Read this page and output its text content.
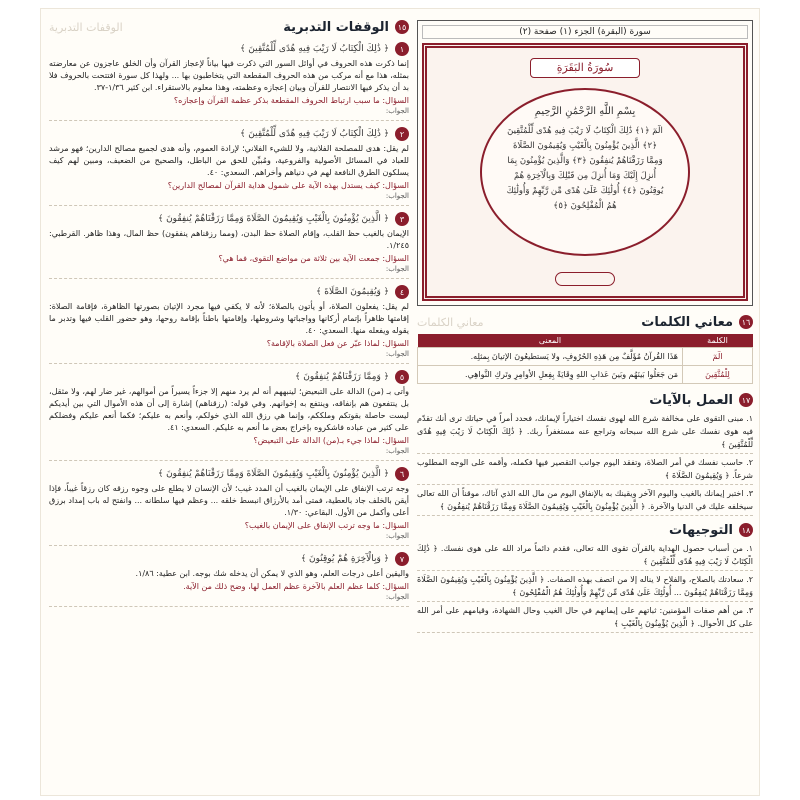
سورة (البقرة) الجزء (١) صفحة (٢)
سُورَةُ البَقَرَةِ
بِسْمِ اللَّهِ الرَّحْمَٰنِ الرَّحِيمِ
الٓمٓ ﴿١﴾ ذَٰلِكَ الْكِتَابُ لَا رَيْبَ فِيهِ هُدًى لِّلْمُتَّقِينَ ﴿٢﴾ الَّذِينَ يُؤْمِنُونَ بِالْغَيْبِ وَيُقِيمُونَ الصَّلَاةَ وَمِمَّا رَزَقْنَاهُمْ يُنفِقُونَ ﴿٣﴾ وَالَّذِينَ يُؤْمِنُونَ بِمَا أُنزِلَ إِلَيْكَ وَمَا أُنزِلَ مِن قَبْلِكَ وَبِالْآخِرَةِ هُمْ يُوقِنُونَ ﴿٤﴾ أُولَٰئِكَ عَلَىٰ هُدًى مِّن رَّبِّهِمْ وَأُولَٰئِكَ هُمُ الْمُفْلِحُونَ ﴿٥﴾
١٦
معاني الكلمات
معاني الكلمات
الكلمة	المعنى
الٓمٓ	هَذَا القُرآنُ مُؤَلَّفٌ مِن هَذِهِ الحُرُوفِ، ولا يَستطيعُونَ الإتيانَ بِمثلِه.
لِلْمُتَّقِينَ	مَن جَعَلُوا بَينَهُم وبَينَ عَذابِ اللهِ وِقَايَةً بِفِعلِ الأوامِرِ وتَركِ النَّواهِي.
١٧
العمل بالآيات

١. مبنى التقوى على مخالفة شرع الله لهوى نفسك اختياراً لإيمانك، فحدد أمراً في حياتك ترى أنك تقدّم فيه هوى نفسك على شرع الله سبحانه وتراجع عنه مستغفراً ربك. ﴿ ذَٰلِكَ الْكِتَابُ لَا رَيْبَ فِيهِ هُدًى لِّلْمُتَّقِينَ ﴾

٢. حاسب نفسك في أمر الصلاة، وتفقد اليوم جوانب التقصير فيها فكمله، وأقمه على الوجه المطلوب شرعاً. ﴿ وَيُقِيمُونَ الصَّلَاةَ ﴾

٣. اختبر إيمانك بالغيب واليوم الآخر ويقينك به بالإنفاق اليوم من مال الله الذي آتاك، موقناً أن الله تعالى سيخلفه عليك في الدنيا والآخرة. ﴿ الَّذِينَ يُؤْمِنُونَ بِالْغَيْبِ وَيُقِيمُونَ الصَّلَاةَ وَمِمَّا رَزَقْنَاهُمْ يُنفِقُونَ ﴾

١٨
التوجيهات

١. من أسباب حصول الهداية بالقرآن تقوى الله تعالى، فقدم دائماً مراد الله على هوى نفسك. ﴿ ذَٰلِكَ الْكِتَابُ لَا رَيْبَ فِيهِ هُدًى لِّلْمُتَّقِينَ ﴾

٢. سعادتك بالصلاح، والفلاح لا يناله إلا من اتصف بهذه الصفات. ﴿ الَّذِينَ يُؤْمِنُونَ بِالْغَيْبِ وَيُقِيمُونَ الصَّلَاةَ وَمِمَّا رَزَقْنَاهُمْ يُنفِقُونَ ... أُولَٰئِكَ عَلَىٰ هُدًى مِّن رَّبِّهِمْ وَأُولَٰئِكَ هُمُ الْمُفْلِحُونَ ﴾

٣. من أهم صفات المؤمنين: ثباتهم على إيمانهم في حال الغيب وحال الشهادة، وقيامهم على أمر الله على كل الأحوال. ﴿ الَّذِينَ يُؤْمِنُونَ بِالْغَيْبِ ﴾

١٥
الوقفات التدبرية
الوقفات التدبرية
١
﴿ ذَٰلِكَ الْكِتَابُ لَا رَيْبَ فِيهِ هُدًى لِّلْمُتَّقِينَ ﴾
إنما ذكرت هذه الحروف في أوائل السور التي ذكرت فيها بياناً لإعجاز القرآن وأن الخلق عاجزون عن معارضته بمثله، هذا مع أنه مركب من هذه الحروف المقطعة التي يتخاطبون بها ... ولهذا كل سورة افتتحت بالحروف فلا بد أن يذكر فيها الانتصار للقرآن وبيان إعجازه وعظمته، وهذا معلوم بالاستقراء. ابن كثير ١/٣٦-٣٧.
السؤال: ما سبب ارتباط الحروف المقطعة بذكر عظمة القرآن وإعجازه؟
الجواب:
٢
﴿ ذَٰلِكَ الْكِتَابُ لَا رَيْبَ فِيهِ هُدًى لِّلْمُتَّقِينَ ﴾
لم يقل: هدى للمصلحة الفلانية، ولا للشيء الفلاني؛ لإرادة العموم، وأنه هدى لجميع مصالح الدارين؛ فهو مرشد للعباد في المسائل الأصولية والفروعية، ومُبيِّن للحق من الباطل، والصحيح من الضعيف، ومبين لهم كيف يسلكون الطرق النافعة لهم في دنياهم وأخراهم. السعدي: ٤٠.
السؤال: كيف يستدل بهذه الآية على شمول هداية القرآن لمصالح الدارين؟
الجواب:
٣
﴿ الَّذِينَ يُؤْمِنُونَ بِالْغَيْبِ وَيُقِيمُونَ الصَّلَاةَ وَمِمَّا رَزَقْنَاهُمْ يُنفِقُونَ ﴾
الإيمان بالغيب حظ القلب، وإقام الصلاة حظ البدن، (ومما رزقناهم ينفقون) حظ المال، وهذا ظاهر. القرطبي: ١/٢٤٥.
السؤال: جمعت الآية بين ثلاثة من مواضع التقوى، فما هي؟
الجواب:
٤
﴿ وَيُقِيمُونَ الصَّلَاةَ ﴾
لم يقل: يفعلون الصلاة، أو يأتون بالصلاة؛ لأنه لا يكفي فيها مجرد الإتيان بصورتها الظاهرة، فإقامة الصلاة: إقامتها ظاهراً بإتمام أركانها وواجباتها وشروطها، وإقامتها باطناً بإقامة روحها، وهو حضور القلب فيها وتدبر ما يقوله ويفعله منها. السعدي: ٤٠.
السؤال: لماذا عبّر عن فعل الصلاة بالإقامة؟
الجواب:
٥
﴿ وَمِمَّا رَزَقْنَاهُمْ يُنفِقُونَ ﴾
وأتى بـ (من) الدالة على التبعيض؛ لينبههم أنه لم يرد منهم إلا جزءاً يسيراً من أموالهم، غير ضار لهم، ولا مثقل، بل ينتفعون هم بإنفاقه، وينتفع به إخوانهم. وفي قوله: (رزقناهم) إشارة إلى أن هذه الأموال التي بين أيديكم ليست حاصلة بقوتكم وملككم، وإنما هي رزق الله الذي خولكم، وأنعم به عليكم؛ فكما أنعم عليكم وفضلكم على كثير من عباده فاشكروه بإخراج بعض ما أنعم به عليكم. السعدي: ٤١.
السؤال: لماذا جيء بـ(من) الدالة على التبعيض؟
الجواب:
٦
﴿ الَّذِينَ يُؤْمِنُونَ بِالْغَيْبِ وَيُقِيمُونَ الصَّلَاةَ وَمِمَّا رَزَقْنَاهُمْ يُنفِقُونَ ﴾
وجه ترتب الإنفاق على الإيمان بالغيب أن المدد غيب؛ لأن الإنسان لا يطلع على وجوه رزقه كان رزقاً غيباً، فإذا أيقن بالخلف جاد بالعطية، فمتى أمد بالأرزاق انبسط خلقه ... وعظم فيها سلطانه ... وانفتح له باب إمداد برزق أعلى وأكمل من الأول. البقاعي: ١/٣٠.
السؤال: ما وجه ترتب الإنفاق على الإيمان بالغيب؟
الجواب:
٧
﴿ وَبِالْآخِرَةِ هُمْ يُوقِنُونَ ﴾
واليقين أعلى درجات العلم، وهو الذي لا يمكن أن يدخله شك بوجه. ابن عطية: ١/٨٦.
السؤال: كلما عظم العلم بالآخرة عظم العمل لها، وضح ذلك من الآية.
الجواب:
